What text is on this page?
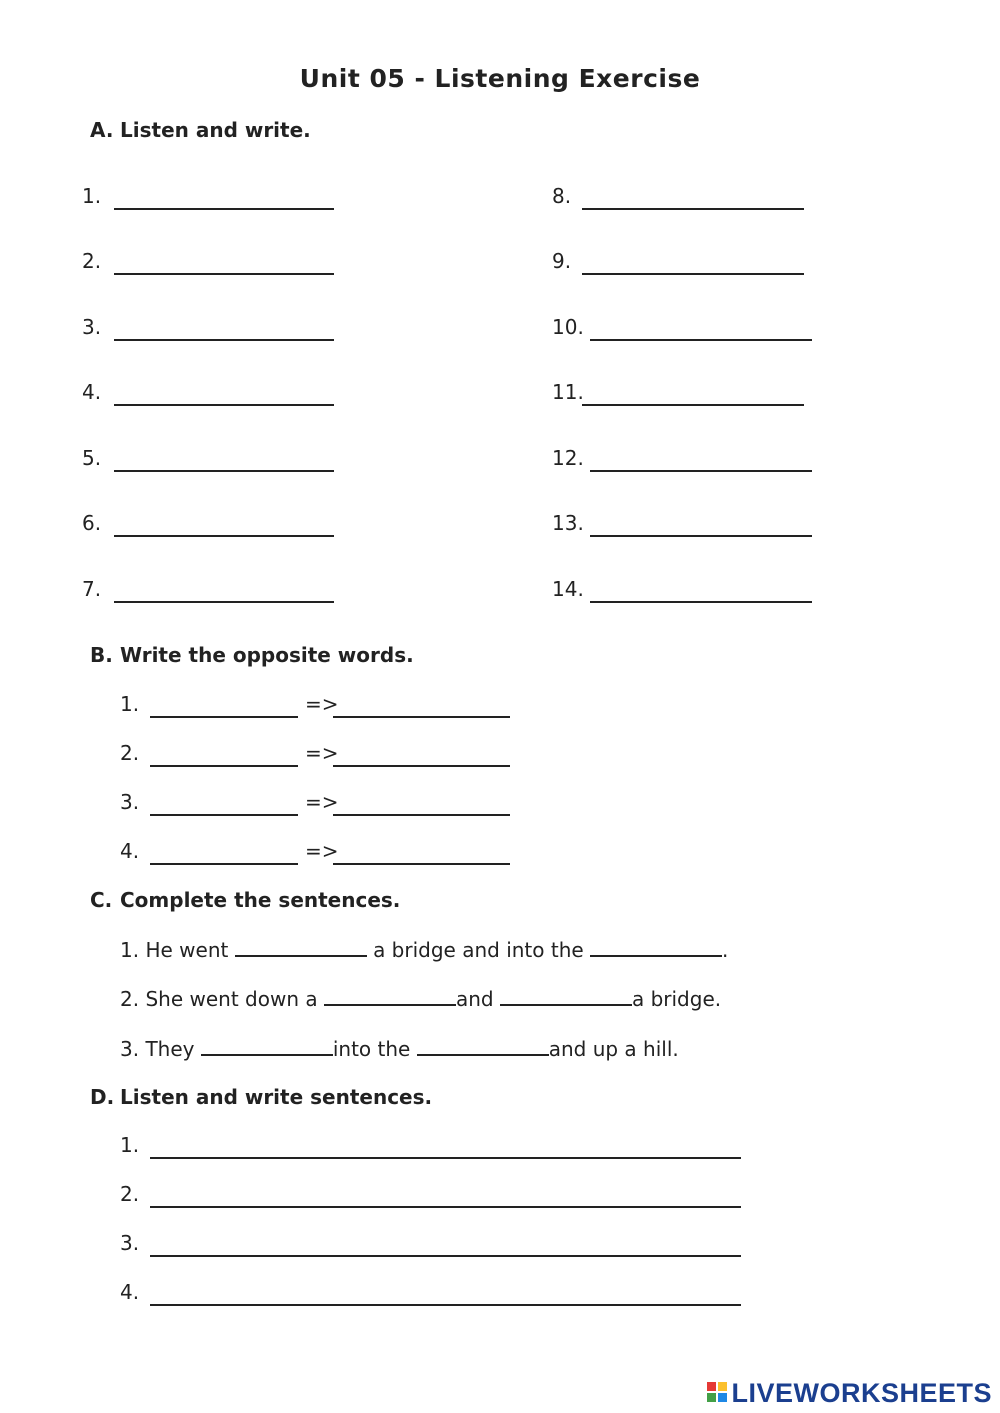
Unit 05 - Listening Exercise
A. Listen and write.
1.
2.
3.
4.
5.
6.
7.
8.
9.
10.
11.
12.
13.
14.
B. Write the opposite words.
1.	=>
2.	=>
3.	=>
4.	=>
C. Complete the sentences.
1. He went	a bridge and into the	.
2. She went down a	and	a bridge.
3. They	into the	and up a hill.
D. Listen and write sentences.
1.
2.
3.
4.
LIVEWORKSHEETS
